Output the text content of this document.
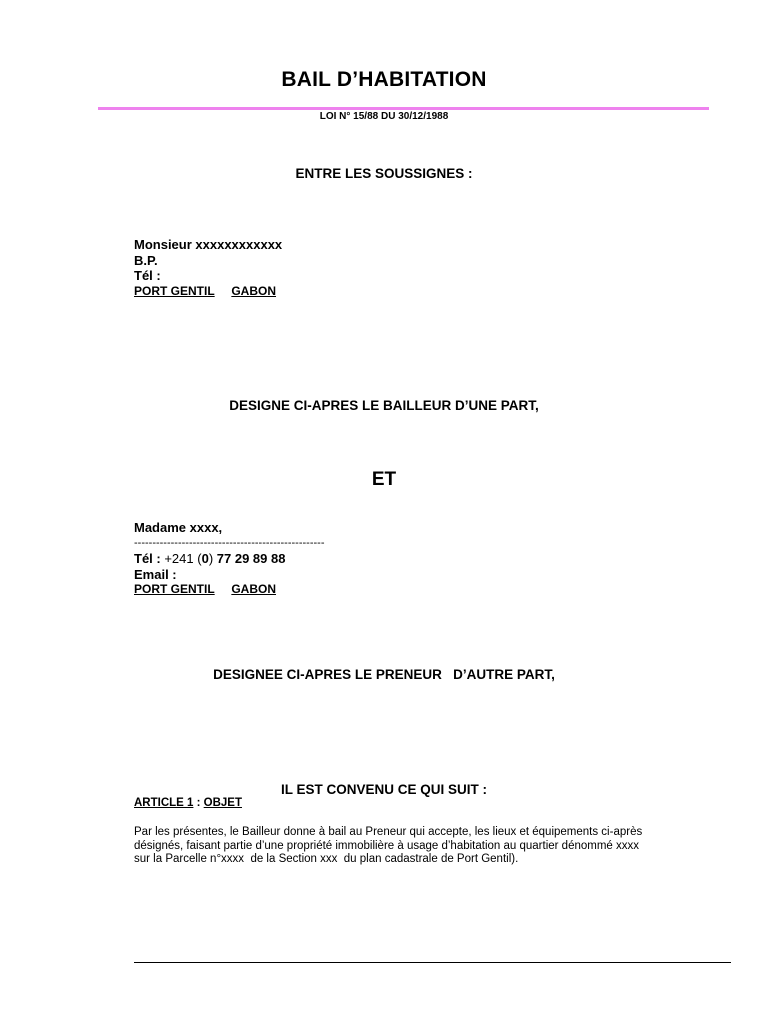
BAIL D’HABITATION
LOI N° 15/88 DU 30/12/1988
ENTRE LES SOUSSIGNES :
Monsieur xxxxxxxxxxxx
B.P.
Tél :
PORT GENTIL GABON
DESIGNE CI-APRES LE BAILLEUR D’UNE PART,
ET
Madame xxxx,
----------------------------------------------------
Tél : +241 (0) 77 29 89 88
Email :
PORT GENTIL GABON
DESIGNEE CI-APRES LE PRENEUR   D’AUTRE PART,
IL EST CONVENU CE QUI SUIT :
ARTICLE 1 : OBJET
Par les présentes, le Bailleur donne à bail au Preneur qui accepte, les lieux et équipements ci-après
désignés, faisant partie d’une propriété immobilière à usage d’habitation au quartier dénommé xxxx
sur la Parcelle n°xxxx  de la Section xxx  du plan cadastrale de Port Gentil).
